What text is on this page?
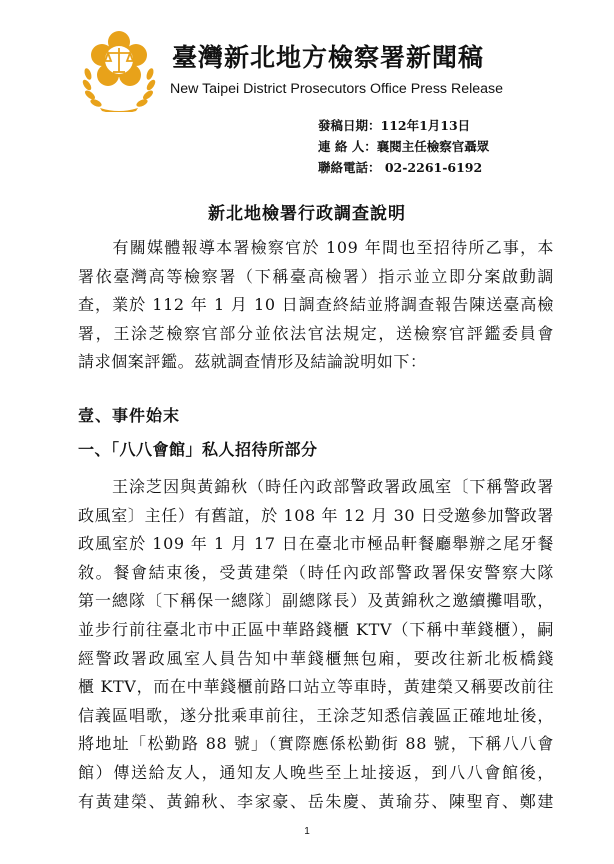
臺灣新北地方檢察署新聞稿
New Taipei District Prosecutors Office Press Release
發稿日期：112年1月13日
連 絡 人：襄閱主任檢察官聶眾
聯絡電話： 02-2261-6192
新北地檢署行政調查說明
　　有關媒體報導本署檢察官於 109 年間也至招待所乙事，本
署依臺灣高等檢察署（下稱臺高檢署）指示並立即分案啟動調
查，業於 112 年 1 月 10 日調查終結並將調查報告陳送臺高檢
署，王涂芝檢察官部分並依法官法規定，送檢察官評鑑委員會
請求個案評鑑。茲就調查情形及結論說明如下：
壹、事件始末
一、「八八會館」私人招待所部分
　　王涂芝因與黃錦秋（時任內政部警政署政風室〔下稱警政署
政風室〕主任）有舊誼，於 108 年 12 月 30 日受邀參加警政署
政風室於 109 年 1 月 17 日在臺北市極品軒餐廳舉辦之尾牙餐
敘。餐會結束後，受黃建榮（時任內政部警政署保安警察大隊
第一總隊〔下稱保一總隊〕副總隊長）及黃錦秋之邀續攤唱歌，
並步行前往臺北市中正區中華路錢櫃 KTV（下稱中華錢櫃），嗣
經警政署政風室人員告知中華錢櫃無包廂，要改往新北板橋錢
櫃 KTV，而在中華錢櫃前路口站立等車時，黃建榮又稱要改前往
信義區唱歌，遂分批乘車前往，王涂芝知悉信義區正確地址後，
將地址「松勤路 88 號」（實際應係松勤街 88 號，下稱八八會
館）傳送給友人，通知友人晚些至上址接返，到八八會館後，
有黃建榮、黃錦秋、李家豪、岳朱慶、黃瑜芬、陳聖育、鄭建
1
